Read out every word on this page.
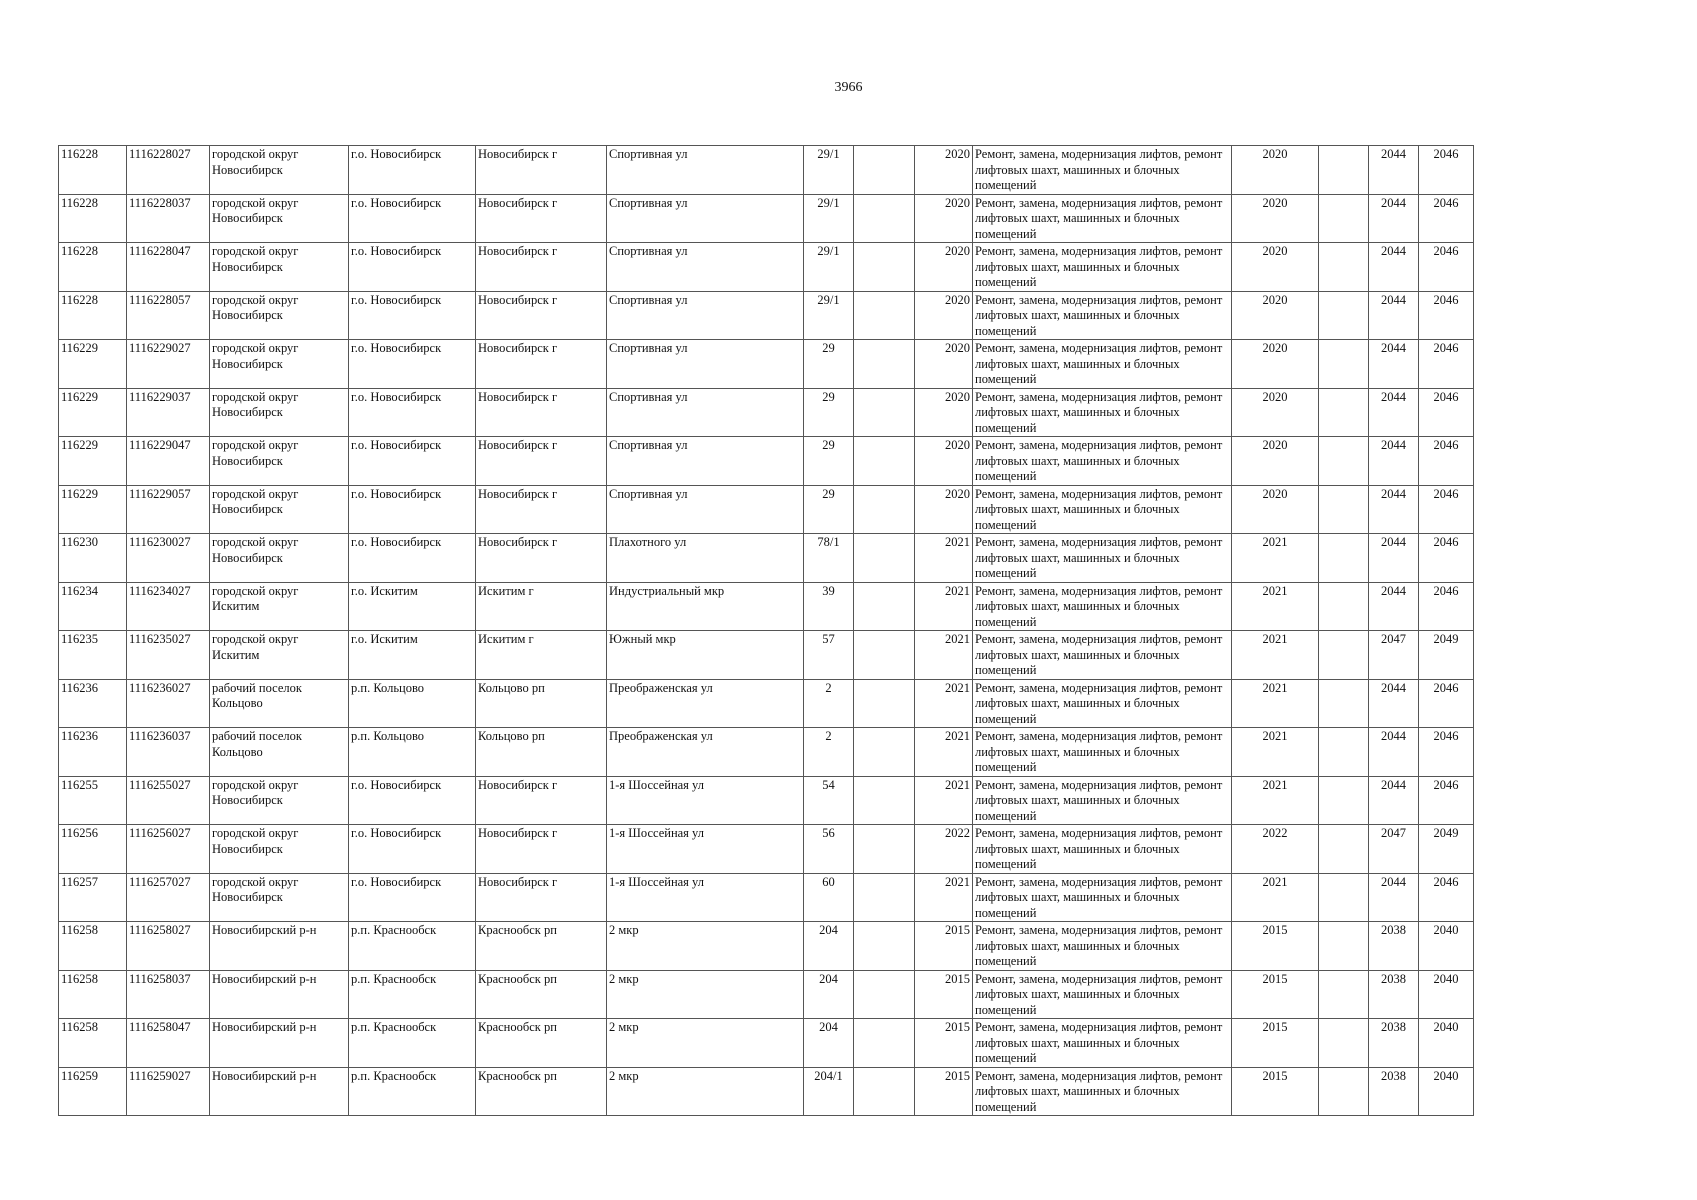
3966
116228	1116228027	городской округ Новосибирск	г.о. Новосибирск	Новосибирск г	Спортивная ул	29/1		2020	Ремонт, замена, модернизация лифтов, ремонт лифтовых шахт, машинных и блочных помещений	2020		2044	2046
116228	1116228037	городской округ Новосибирск	г.о. Новосибирск	Новосибирск г	Спортивная ул	29/1		2020	Ремонт, замена, модернизация лифтов, ремонт лифтовых шахт, машинных и блочных помещений	2020		2044	2046
116228	1116228047	городской округ Новосибирск	г.о. Новосибирск	Новосибирск г	Спортивная ул	29/1		2020	Ремонт, замена, модернизация лифтов, ремонт лифтовых шахт, машинных и блочных помещений	2020		2044	2046
116228	1116228057	городской округ Новосибирск	г.о. Новосибирск	Новосибирск г	Спортивная ул	29/1		2020	Ремонт, замена, модернизация лифтов, ремонт лифтовых шахт, машинных и блочных помещений	2020		2044	2046
116229	1116229027	городской округ Новосибирск	г.о. Новосибирск	Новосибирск г	Спортивная ул	29		2020	Ремонт, замена, модернизация лифтов, ремонт лифтовых шахт, машинных и блочных помещений	2020		2044	2046
116229	1116229037	городской округ Новосибирск	г.о. Новосибирск	Новосибирск г	Спортивная ул	29		2020	Ремонт, замена, модернизация лифтов, ремонт лифтовых шахт, машинных и блочных помещений	2020		2044	2046
116229	1116229047	городской округ Новосибирск	г.о. Новосибирск	Новосибирск г	Спортивная ул	29		2020	Ремонт, замена, модернизация лифтов, ремонт лифтовых шахт, машинных и блочных помещений	2020		2044	2046
116229	1116229057	городской округ Новосибирск	г.о. Новосибирск	Новосибирск г	Спортивная ул	29		2020	Ремонт, замена, модернизация лифтов, ремонт лифтовых шахт, машинных и блочных помещений	2020		2044	2046
116230	1116230027	городской округ Новосибирск	г.о. Новосибирск	Новосибирск г	Плахотного ул	78/1		2021	Ремонт, замена, модернизация лифтов, ремонт лифтовых шахт, машинных и блочных помещений	2021		2044	2046
116234	1116234027	городской округ Искитим	г.о. Искитим	Искитим г	Индустриальный мкр	39		2021	Ремонт, замена, модернизация лифтов, ремонт лифтовых шахт, машинных и блочных помещений	2021		2044	2046
116235	1116235027	городской округ Искитим	г.о. Искитим	Искитим г	Южный мкр	57		2021	Ремонт, замена, модернизация лифтов, ремонт лифтовых шахт, машинных и блочных помещений	2021		2047	2049
116236	1116236027	рабочий поселок Кольцово	р.п. Кольцово	Кольцово рп	Преображенская ул	2		2021	Ремонт, замена, модернизация лифтов, ремонт лифтовых шахт, машинных и блочных помещений	2021		2044	2046
116236	1116236037	рабочий поселок Кольцово	р.п. Кольцово	Кольцово рп	Преображенская ул	2		2021	Ремонт, замена, модернизация лифтов, ремонт лифтовых шахт, машинных и блочных помещений	2021		2044	2046
116255	1116255027	городской округ Новосибирск	г.о. Новосибирск	Новосибирск г	1-я Шоссейная ул	54		2021	Ремонт, замена, модернизация лифтов, ремонт лифтовых шахт, машинных и блочных помещений	2021		2044	2046
116256	1116256027	городской округ Новосибирск	г.о. Новосибирск	Новосибирск г	1-я Шоссейная ул	56		2022	Ремонт, замена, модернизация лифтов, ремонт лифтовых шахт, машинных и блочных помещений	2022		2047	2049
116257	1116257027	городской округ Новосибирск	г.о. Новосибирск	Новосибирск г	1-я Шоссейная ул	60		2021	Ремонт, замена, модернизация лифтов, ремонт лифтовых шахт, машинных и блочных помещений	2021		2044	2046
116258	1116258027	Новосибирский р-н	р.п. Краснообск	Краснообск рп	2 мкр	204		2015	Ремонт, замена, модернизация лифтов, ремонт лифтовых шахт, машинных и блочных помещений	2015		2038	2040
116258	1116258037	Новосибирский р-н	р.п. Краснообск	Краснообск рп	2 мкр	204		2015	Ремонт, замена, модернизация лифтов, ремонт лифтовых шахт, машинных и блочных помещений	2015		2038	2040
116258	1116258047	Новосибирский р-н	р.п. Краснообск	Краснообск рп	2 мкр	204		2015	Ремонт, замена, модернизация лифтов, ремонт лифтовых шахт, машинных и блочных помещений	2015		2038	2040
116259	1116259027	Новосибирский р-н	р.п. Краснообск	Краснообск рп	2 мкр	204/1		2015	Ремонт, замена, модернизация лифтов, ремонт лифтовых шахт, машинных и блочных помещений	2015		2038	2040
